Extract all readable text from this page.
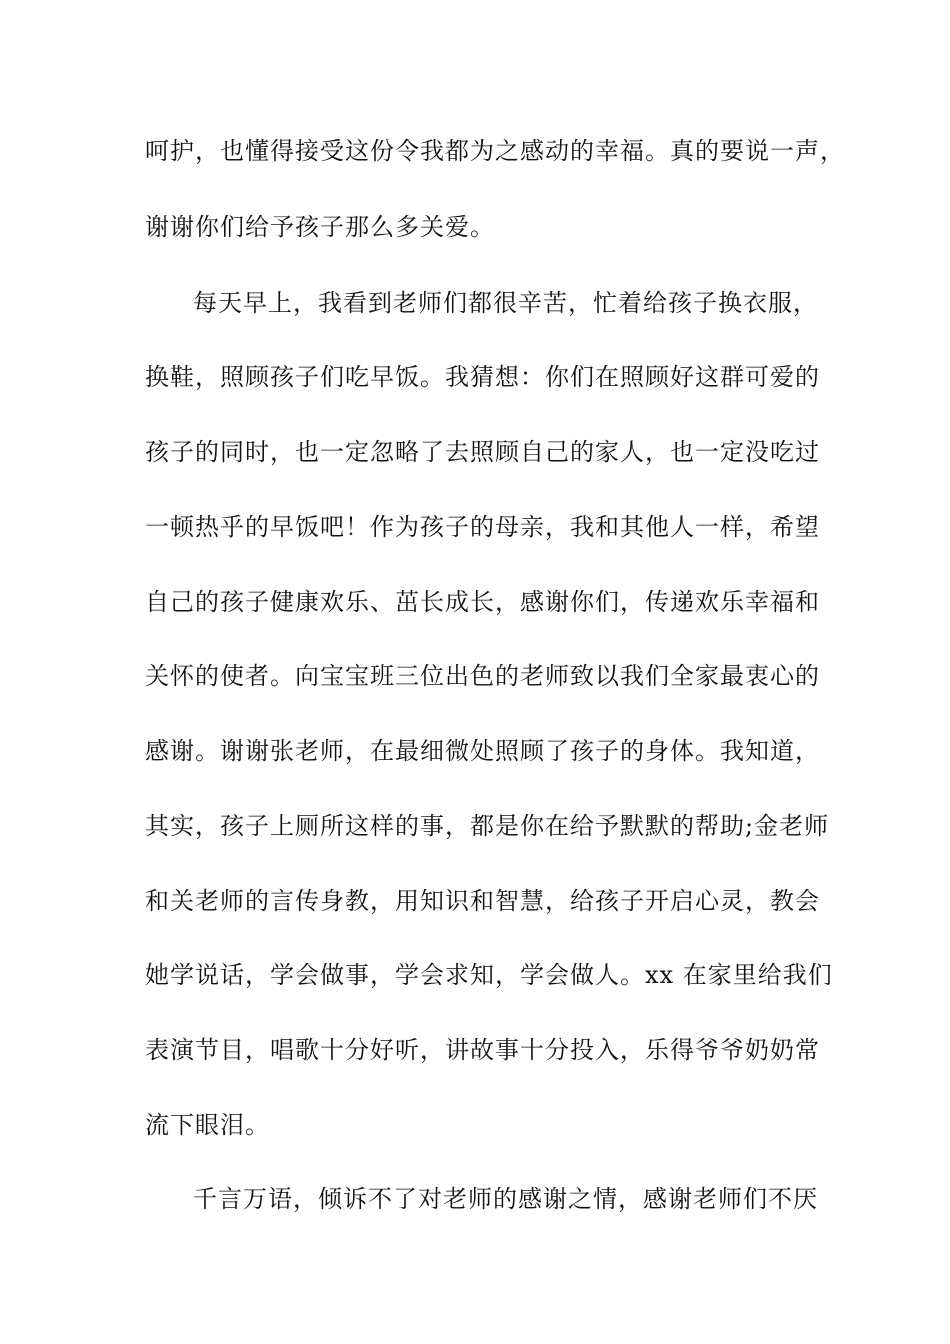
呵护，也懂得接受这份令我都为之感动的幸福。真的要说一声，
谢谢你们给予孩子那么多关爱。
每天早上，我看到老师们都很辛苦，忙着给孩子换衣服，
换鞋，照顾孩子们吃早饭。我猜想：你们在照顾好这群可爱的
孩子的同时，也一定忽略了去照顾自己的家人，也一定没吃过
一顿热乎的早饭吧！作为孩子的母亲，我和其他人一样，希望
自己的孩子健康欢乐、茁长成长，感谢你们，传递欢乐幸福和
关怀的使者。向宝宝班三位出色的老师致以我们全家最衷心的
感谢。谢谢张老师，在最细微处照顾了孩子的身体。我知道，
其实，孩子上厕所这样的事，都是你在给予默默的帮助;金老师
和关老师的言传身教，用知识和智慧，给孩子开启心灵，教会
她学说话，学会做事，学会求知，学会做人。xx 在家里给我们
表演节目，唱歌十分好听，讲故事十分投入，乐得爷爷奶奶常
流下眼泪。
千言万语，倾诉不了对老师的感谢之情，感谢老师们不厌
